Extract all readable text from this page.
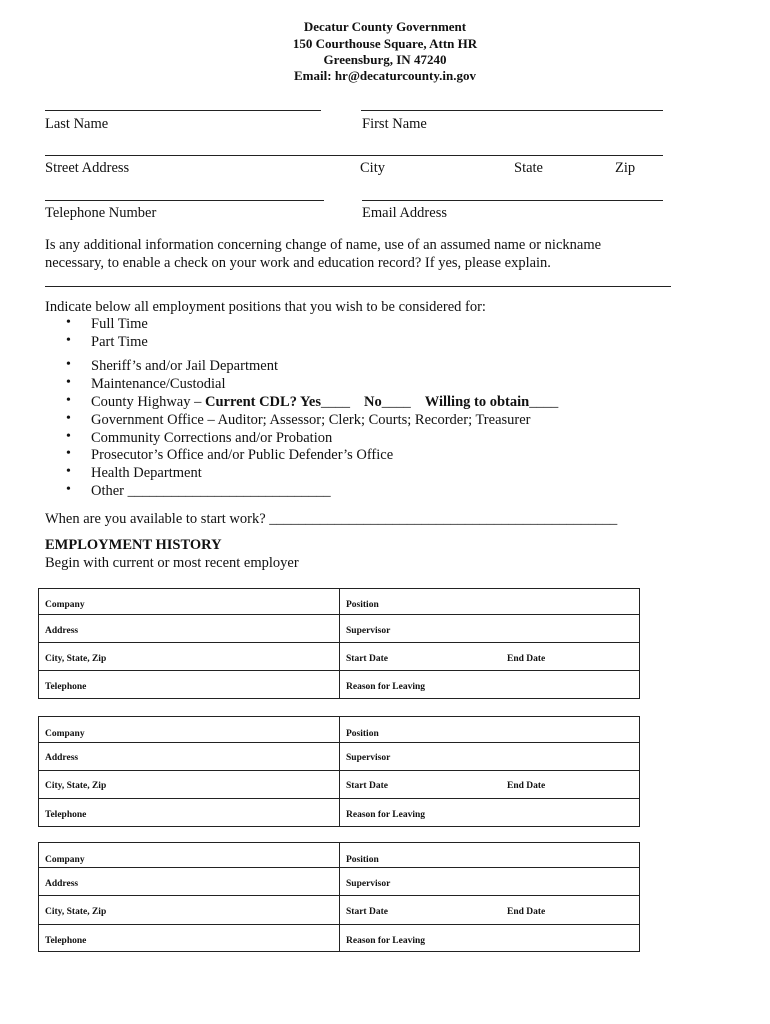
Decatur County Government
150 Courthouse Square, Attn HR
Greensburg, IN 47240
Email: hr@decaturcounty.in.gov
Last Name	First Name
Street Address	City	State	Zip
Telephone Number	Email Address
Is any additional information concerning change of name, use of an assumed name or nickname
necessary, to enable a check on your work and education record? If yes, please explain.
Indicate below all employment positions that you wish to be considered for:
• Full Time
• Part Time
• Sheriff’s and/or Jail Department
• Maintenance/Custodial
• County Highway – Current CDL? Yes____ No____ Willing to obtain____
• Government Office – Auditor; Assessor; Clerk; Courts; Recorder; Treasurer
• Community Corrections and/or Probation
• Prosecutor’s Office and/or Public Defender’s Office
• Health Department
• Other ____________________________
When are you available to start work? ________________________________________________
EMPLOYMENT HISTORY
Begin with current or most recent employer
Company	Position
Address	Supervisor
City, State, Zip	Start Date	End Date
Telephone	Reason for Leaving
Company	Position
Address	Supervisor
City, State, Zip	Start Date	End Date
Telephone	Reason for Leaving
Company	Position
Address	Supervisor
City, State, Zip	Start Date	End Date
Telephone	Reason for Leaving
